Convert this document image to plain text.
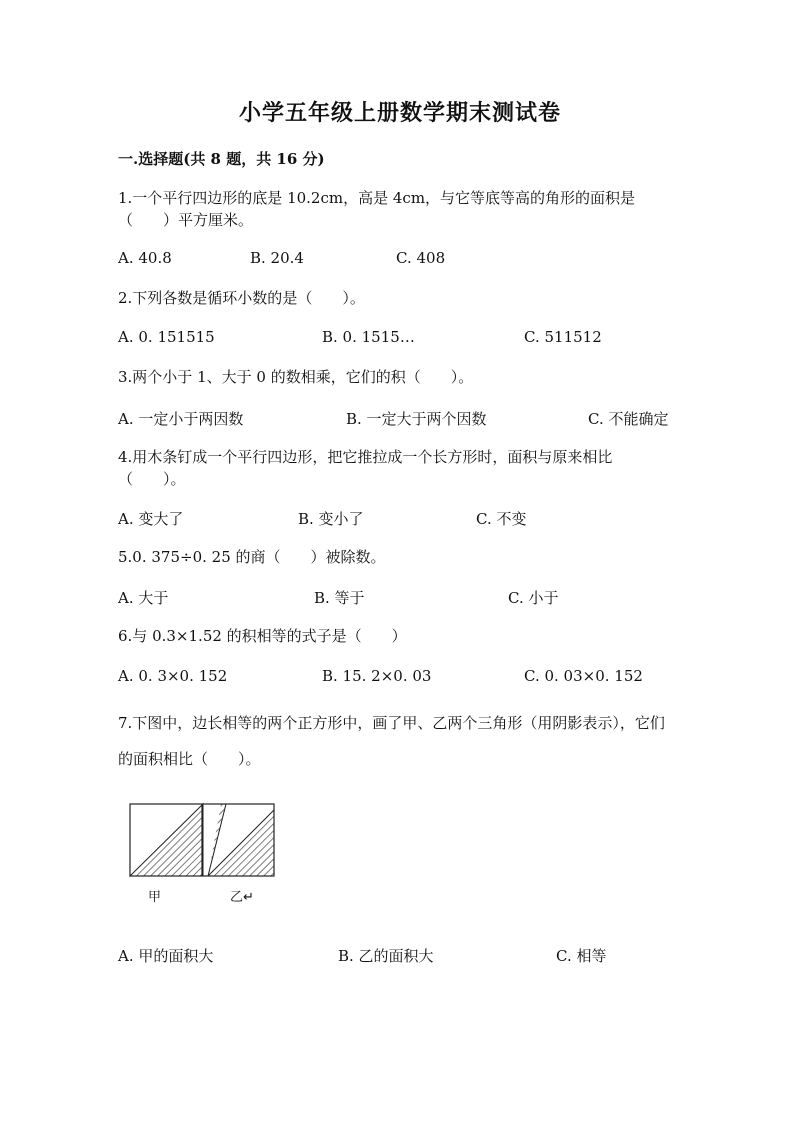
小学五年级上册数学期末测试卷
一.选择题(共 8 题，共 16 分)
1.一个平行四边形的底是 10.2cm，高是 4cm，与它等底等高的角形的面积是（　　）平方厘米。
A. 40.8	B. 20.4	C. 408
2.下列各数是循环小数的是（　　）。
A. 0. 151515	B. 0. 1515…	C. 511512
3.两个小于 1、大于 0 的数相乘，它们的积（　　）。
A. 一定小于两因数	B. 一定大于两个因数	C. 不能确定
4.用木条钉成一个平行四边形，把它推拉成一个长方形时，面积与原来相比（　　）。
A. 变大了	B. 变小了	C. 不变
5.0. 375÷0. 25 的商（　　）被除数。
A. 大于	B. 等于	C. 小于
6.与 0.3×1.52 的积相等的式子是（　　）
A. 0. 3×0. 152	B. 15. 2×0. 03	C. 0. 03×0. 152
7.下图中，边长相等的两个正方形中，画了甲、乙两个三角形（用阴影表示），它们的面积相比（　　）。
甲	乙↵
A. 甲的面积大	B. 乙的面积大	C. 相等
